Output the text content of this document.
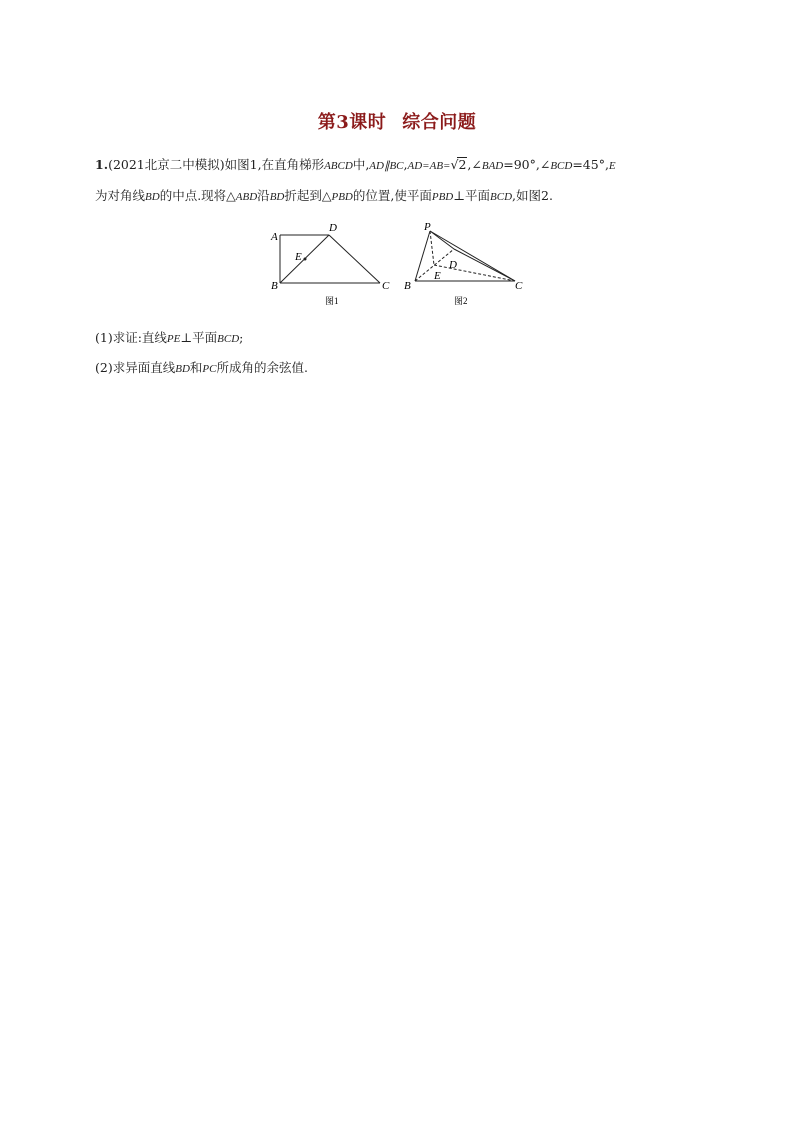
第3课时 综合问题
1.(2021北京二中模拟)如图1,在直角梯形ABCD中,AD∥BC,AD=AB=√2,∠BAD=90°,∠BCD=45°,E
为对角线BD的中点.现将△ABD沿BD折起到△PBD的位置,使平面PBD⊥平面BCD,如图2.
A
B	C
D
E
图1
P
B	C
D
E
图2
(1)求证:直线PE⊥平面BCD;
(2)求异面直线BD和PC所成角的余弦值.
